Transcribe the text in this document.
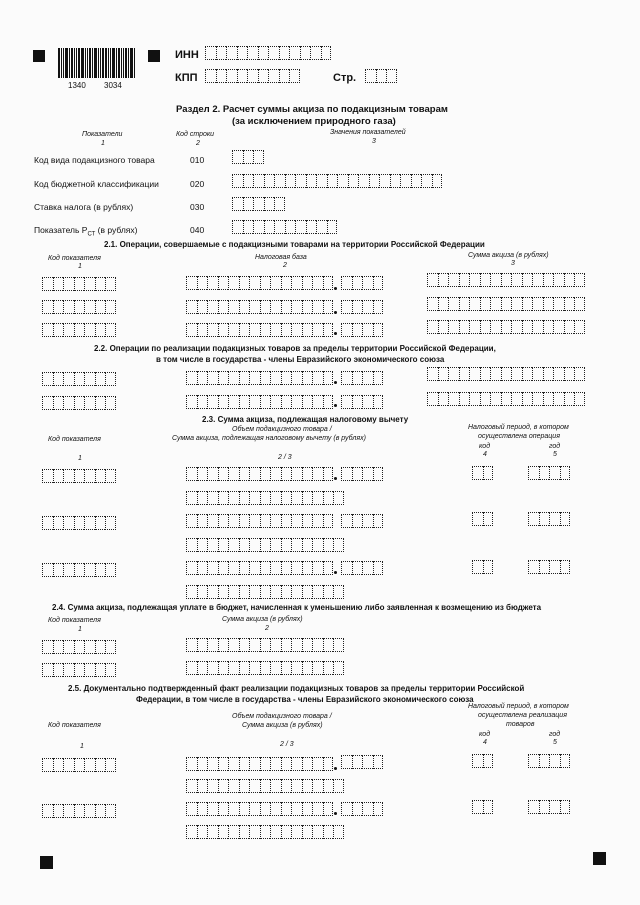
1340 3034
ИНН
КПП	Стр.
Раздел 2. Расчет суммы акциза по подакцизным товарам
(за исключением природного газа)
Показатели
1
Код строки
2
Значения показателей
3
Код вида подакцизного товара	010
Код бюджетной классификации	020
Ставка налога (в рублях)	030
Показатель $Р_{СТ}$ (в рублях)	040
2.1. Операции, совершаемые с подакцизными товарами на территории Российской Федерации
Код показателя
1
Налоговая база
2
Сумма акциза (в рублях)
3
2.2. Операции по реализации подакцизных товаров за пределы территории Российской Федерации,
в том числе в государства - члены Евразийского экономического союза
2.3. Сумма акциза, подлежащая налоговому вычету
Код показателя
Объем подакцизного товара /
Сумма акциза, подлежащая налоговому вычету (в рублях)
Налоговый период, в котором
осуществлена операция
код	год
1	2 / 3	4	5
2.4. Сумма акциза, подлежащая уплате в бюджет, начисленная к уменьшению либо заявленная к возмещению из бюджета
Код показателя
1
Сумма акциза (в рублях)
2
2.5. Документально подтвержденный факт реализации подакцизных товаров за пределы территории Российской
Федерации, в том числе в государства - члены Евразийского экономического союза
Код показателя
Объем подакцизного товара /
Сумма акциза (в рублях)
Налоговый период, в котором
осуществлена реализация
товаров
код	год
1	2 / 3	4	5
